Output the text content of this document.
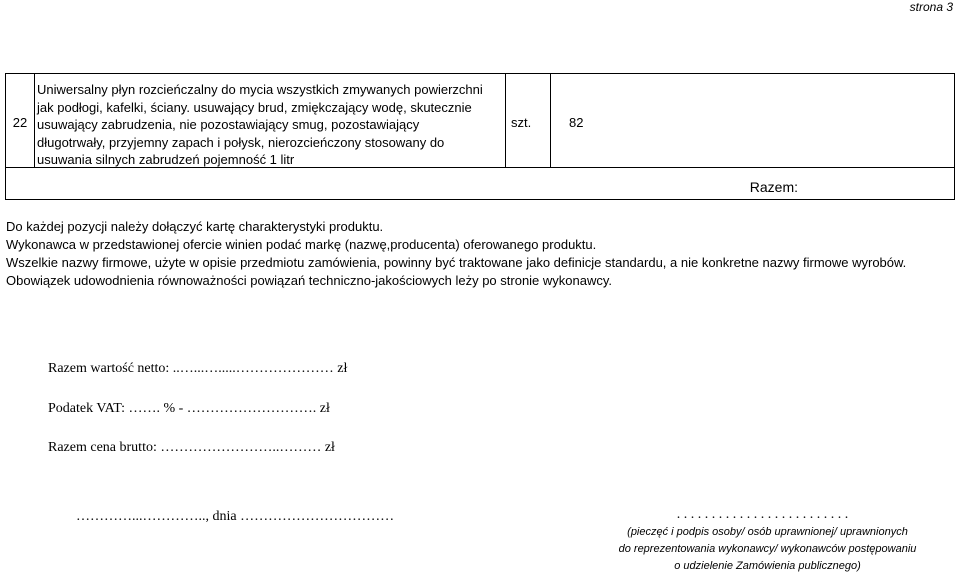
strona 3
22
Uniwersalny płyn rozcieńczalny do mycia wszystkich zmywanych powierzchni
jak podłogi, kafelki, ściany. usuwający brud, zmiękczający wodę, skutecznie
usuwający zabrudzenia, nie pozostawiający smug, pozostawiający
długotrwały, przyjemny zapach i połysk, nierozcieńczony stosowany do
usuwania silnych zabrudzeń pojemność 1 litr
szt.	82
Razem:
Do każdej pozycji należy dołączyć kartę charakterystyki produktu.
Wykonawca w przedstawionej ofercie winien podać markę (nazwę,producenta) oferowanego produktu.
Wszelkie nazwy firmowe, użyte w opisie przedmiotu zamówienia, powinny być traktowane jako definicje standardu, a nie konkretne nazwy firmowe wyrobów.
Obowiązek udowodnienia równoważności powiązań techniczno-jakościowych leży po stronie wykonawcy.
Razem wartość netto: ..…...….....………………… zł
Podatek VAT: ……. % - ………………………. zł
Razem cena brutto: ……………………..……… zł
…………...………….., dnia ……………………………	. . . . . . . . . . . . . . . . . . . . . . . . .
(pieczęć i podpis osoby/ osób uprawnionej/ uprawnionych
do reprezentowania wykonawcy/ wykonawców postępowaniu
o udzielenie Zamówienia publicznego)
